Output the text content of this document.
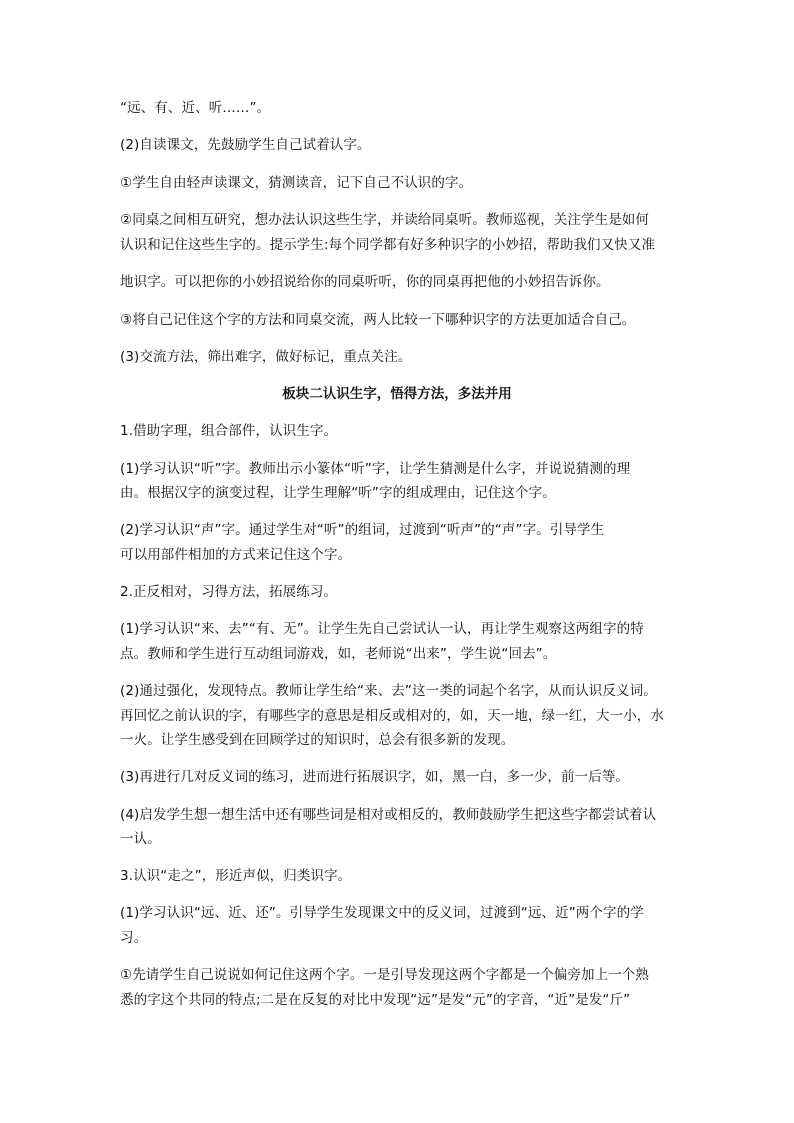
“远、有、近、听……”。
(2)自读课文，先鼓励学生自己试着认字。
①学生自由轻声读课文，猜测读音，记下自己不认识的字。
②同桌之间相互研究，想办法认识这些生字，并读给同桌听。教师巡视，关注学生是如何
认识和记住这些生字的。提示学生:每个同学都有好多种识字的小妙招，帮助我们又快又准
地识字。可以把你的小妙招说给你的同桌听听，你的同桌再把他的小妙招告诉你。
③将自己记住这个字的方法和同桌交流，两人比较一下哪种识字的方法更加适合自己。
(3)交流方法，筛出难字，做好标记，重点关注。
板块二认识生字，悟得方法，多法并用
1.借助字理，组合部件，认识生字。
(1)学习认识“听”字。教师出示小篆体“听”字，让学生猜测是什么字，并说说猜测的理
由。根据汉字的演变过程，让学生理解“听”字的组成理由，记住这个字。
(2)学习认识“声”字。通过学生对“听”的组词，过渡到“听声”的“声”字。引导学生
可以用部件相加的方式来记住这个字。
2.正反相对，习得方法，拓展练习。
(1)学习认识“来、去”“有、无”。让学生先自己尝试认一认，再让学生观察这两组字的特
点。教师和学生进行互动组词游戏，如，老师说“出来”，学生说“回去”。
(2)通过强化，发现特点。教师让学生给“来、去”这一类的词起个名字，从而认识反义词。
再回忆之前认识的字，有哪些字的意思是相反或相对的，如，天一地，绿一红，大一小，水
一火。让学生感受到在回顾学过的知识时，总会有很多新的发现。
(3)再进行几对反义词的练习，进而进行拓展识字，如，黑一白，多一少，前一后等。
(4)启发学生想一想生活中还有哪些词是相对或相反的，教师鼓励学生把这些字都尝试着认
一认。
3.认识“走之”，形近声似，归类识字。
(1)学习认识“远、近、还”。引导学生发现课文中的反义词，过渡到“远、近”两个字的学
习。
①先请学生自己说说如何记住这两个字。一是引导发现这两个字都是一个偏旁加上一个熟
悉的字这个共同的特点;二是在反复的对比中发现“远”是发“元”的字音，“近”是发“斤”
